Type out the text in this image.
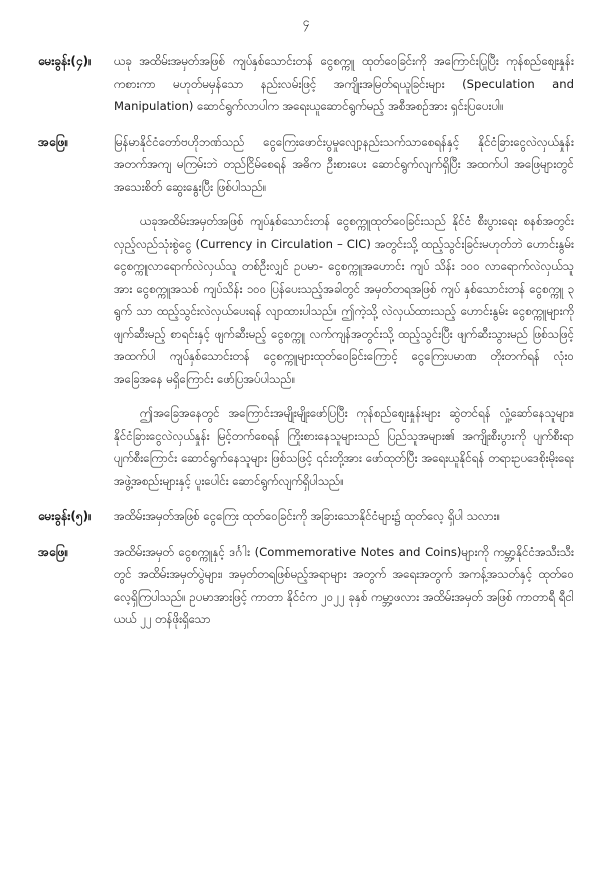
၄
မေးခွန်း(၄)။	ယခု အထိမ်းအမှတ်အဖြစ် ကျပ်နှစ်သောင်းတန် ငွေစက္ကူ ထုတ်ဝေခြင်းကို အကြောင်းပြုပြီး ကုန်စည်စျေးနှုန်း ကစားကာ မဟုတ်မမှန်သော နည်းလမ်းဖြင့် အကျိုးအမြတ်ရယူခြင်းများ (Speculation and Manipulation) ဆောင်ရွက်လာပါက အရေးယူဆောင်ရွက်မည့် အစီအစဉ်အား ရှင်းပြပေးပါ။

အဖြေ။	မြန်မာနိုင်ငံတော်ဗဟိုဘဏ်သည် ငွေကြေးဖောင်းပွမှုလျော့နည်းသက်သာစေရန်နှင့် နိုင်ငံခြားငွေလဲလှယ်နှုန်း အတက်အကျ မကြမ်းဘဲ တည်ငြိမ်စေရန် အဓိက ဦးစားပေး ဆောင်ရွက်လျက်ရှိပြီး အထက်ပါ အဖြေများတွင် အသေးစိတ် ဆွေးနွေးပြီး ဖြစ်ပါသည်။

ယခုအထိမ်းအမှတ်အဖြစ် ကျပ်နှစ်သောင်းတန် ငွေစက္ကူထုတ်ဝေခြင်းသည် နိုင်ငံ စီးပွားရေး စနစ်အတွင်း လှည့်လည်သုံးစွဲငွေ (Currency in Circulation – CIC) အတွင်းသို့ ထည့်သွင်းခြင်းမဟုတ်ဘဲ ဟောင်းနွမ်းငွေစက္ကူလာရောက်လဲလှယ်သူ တစ်ဦးလျှင် ဥပမာ- ငွေစက္ကူအဟောင်း ကျပ် သိန်း ၁၀၀ လာရောက်လဲလှယ်သူအား ငွေစက္ကူအသစ် ကျပ်သိန်း ၁၀၀ ပြန်ပေးသည့်အခါတွင် အမှတ်တရအဖြစ် ကျပ် နှစ်သောင်းတန် ငွေစက္ကူ ၃ ရွက် သာ ထည့်သွင်းလဲလှယ်ပေးရန် လျာထားပါသည်။ ဤကဲ့သို့ လဲလှယ်ထားသည့် ဟောင်းနွမ်း ငွေစက္ကူများကို ဖျက်ဆီးမည့် စာရင်းနှင့် ဖျက်ဆီးမည့် ငွေစက္ကူ လက်ကျန်အတွင်းသို့ ထည့်သွင်းပြီး ဖျက်ဆီးသွားမည် ဖြစ်သဖြင့် အထက်ပါ ကျပ်နှစ်သောင်းတန် ငွေစက္ကူများထုတ်ဝေခြင်းကြောင့် ငွေကြေးပမာဏ တိုးတက်ရန် လုံးဝ အခြေအနေ မရှိကြောင်း ဖော်ပြအပ်ပါသည်။

ဤအခြေအနေတွင် အကြောင်းအမျိုးမျိုးဖော်ပြပြီး ကုန်စည်စျေးနှုန်းများ ဆွဲတင်ရန် လှုံ့ဆော်နေသူများ၊ နိုင်ငံခြားငွေလဲလှယ်နှုန်း မြင့်တက်စေရန် ကြိုးစားနေသူများသည် ပြည်သူအများ၏ အကျိုးစီးပွားကို ပျက်စီးရာ ပျက်စီးကြောင်း ဆောင်ရွက်နေသူများ ဖြစ်သဖြင့် ၎င်းတို့အား ဖော်ထုတ်ပြီး အရေးယူနိုင်ရန် တရားဥပဒေစိုးမိုးရေး အဖွဲ့အစည်းများနှင့် ပူးပေါင်း ဆောင်ရွက်လျက်ရှိပါသည်။

မေးခွန်း(၅)။	အထိမ်းအမှတ်အဖြစ် ငွေကြေး ထုတ်ဝေခြင်းကို အခြားသောနိုင်ငံများ၌ ထုတ်လေ့ ရှိပါ သလား။

အဖြေ။	အထိမ်းအမှတ် ငွေစက္ကူနှင့် ဒင်္ဂါး (Commemorative Notes and Coins)များကို ကမ္ဘာ့နိုင်ငံအသီးသီးတွင် အထိမ်းအမှတ်ပွဲများ၊ အမှတ်တရဖြစ်မည့်အရာများ အတွက် အရေးအတွက် အကန့်အသတ်နှင့် ထုတ်ဝေလေ့ရှိကြပါသည်။ ဥပမာအားဖြင့် ကာတာ နိုင်ငံက ၂၀၂၂ ခုနှစ် ကမ္ဘာ့ဖလား အထိမ်းအမှတ် အဖြစ် ကာတာရီ ရီငါယယ် ၂၂ တန်ဖိုးရှိသော
